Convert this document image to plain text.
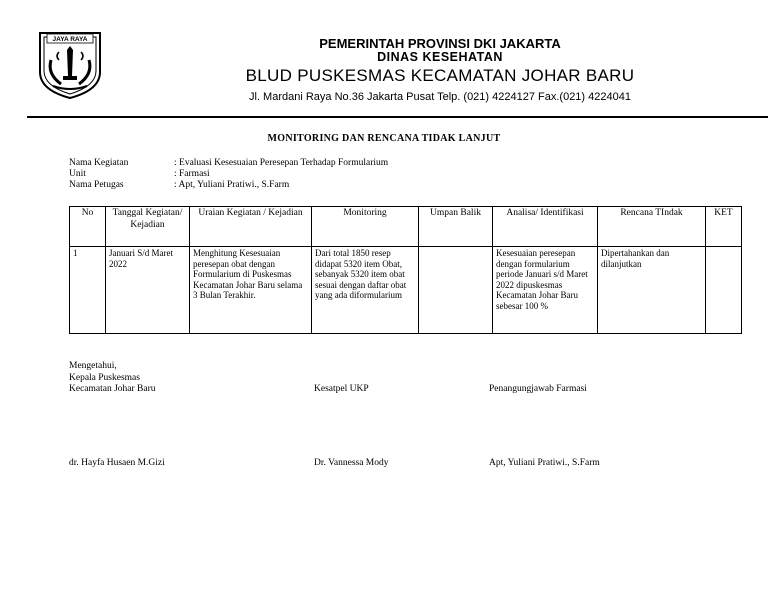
JAYA RAYA	PEMERINTAH PROVINSI DKI JAKARTA
DINAS KESEHATAN
BLUD PUSKESMAS KECAMATAN JOHAR BARU
Jl. Mardani Raya No.36 Jakarta Pusat Telp. (021) 4224127 Fax.(021) 4224041
MONITORING DAN RENCANA TIDAK LANJUT
Nama Kegiatan	: Evaluasi Kesesuaian Peresepan Terhadap Formularium
Unit	: Farmasi
Nama Petugas	: Apt, Yuliani Pratiwi., S.Farm
No	Tanggal Kegiatan/ Kejadian	Uraian Kegiatan / Kejadian	Monitoring	Umpan Balik	Analisa/ Identifikasi	Rencana TIndak	KET
1	Januari S/d Maret 2022	Menghitung Kesesuaian peresepan obat dengan Formularium di Puskesmas Kecamatan Johar Baru selama 3 Bulan Terakhir.	Dari total 1850 resep didapat 5320 item Obat, sebanyak 5320 item obat sesuai dengan daftar obat yang ada diformularium		Kesesuaian peresepan dengan formularium periode Januari s/d Maret 2022 dipuskesmas Kecamatan Johar Baru sebesar 100 %	Dipertahankan dan dilanjutkan	
Mengetahui,
Kepala Puskesmas
Kecamatan Johar Baru	Kesatpel UKP	Penangungjawab Farmasi
dr. Hayfa Husaen M.Gizi	Dr. Vannessa Mody	Apt, Yuliani Pratiwi., S.Farm
